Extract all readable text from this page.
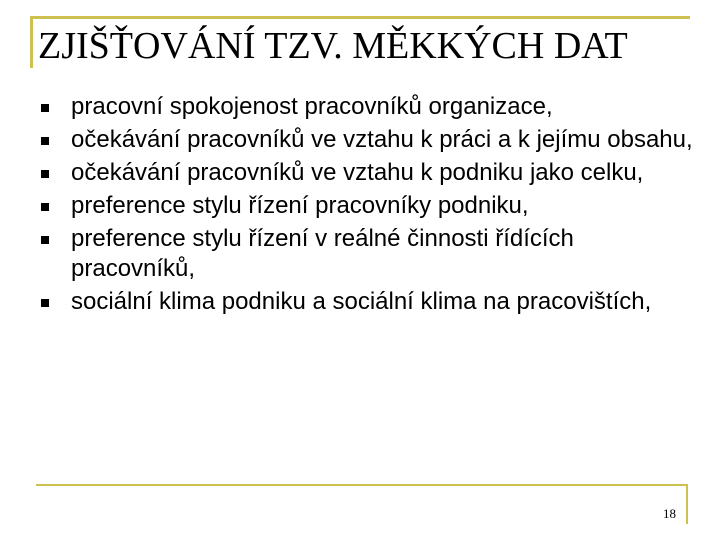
ZJIŠŤOVÁNÍ TZV. MĚKKÝCH DAT
pracovní spokojenost pracovníků organizace,
očekávání pracovníků ve vztahu k práci a k jejímu obsahu,
očekávání pracovníků ve vztahu k podniku jako celku,
preference stylu řízení pracovníky podniku,
preference stylu řízení v reálné činnosti řídících pracovníků,
sociální klima podniku a sociální klima na pracovištích,
18
